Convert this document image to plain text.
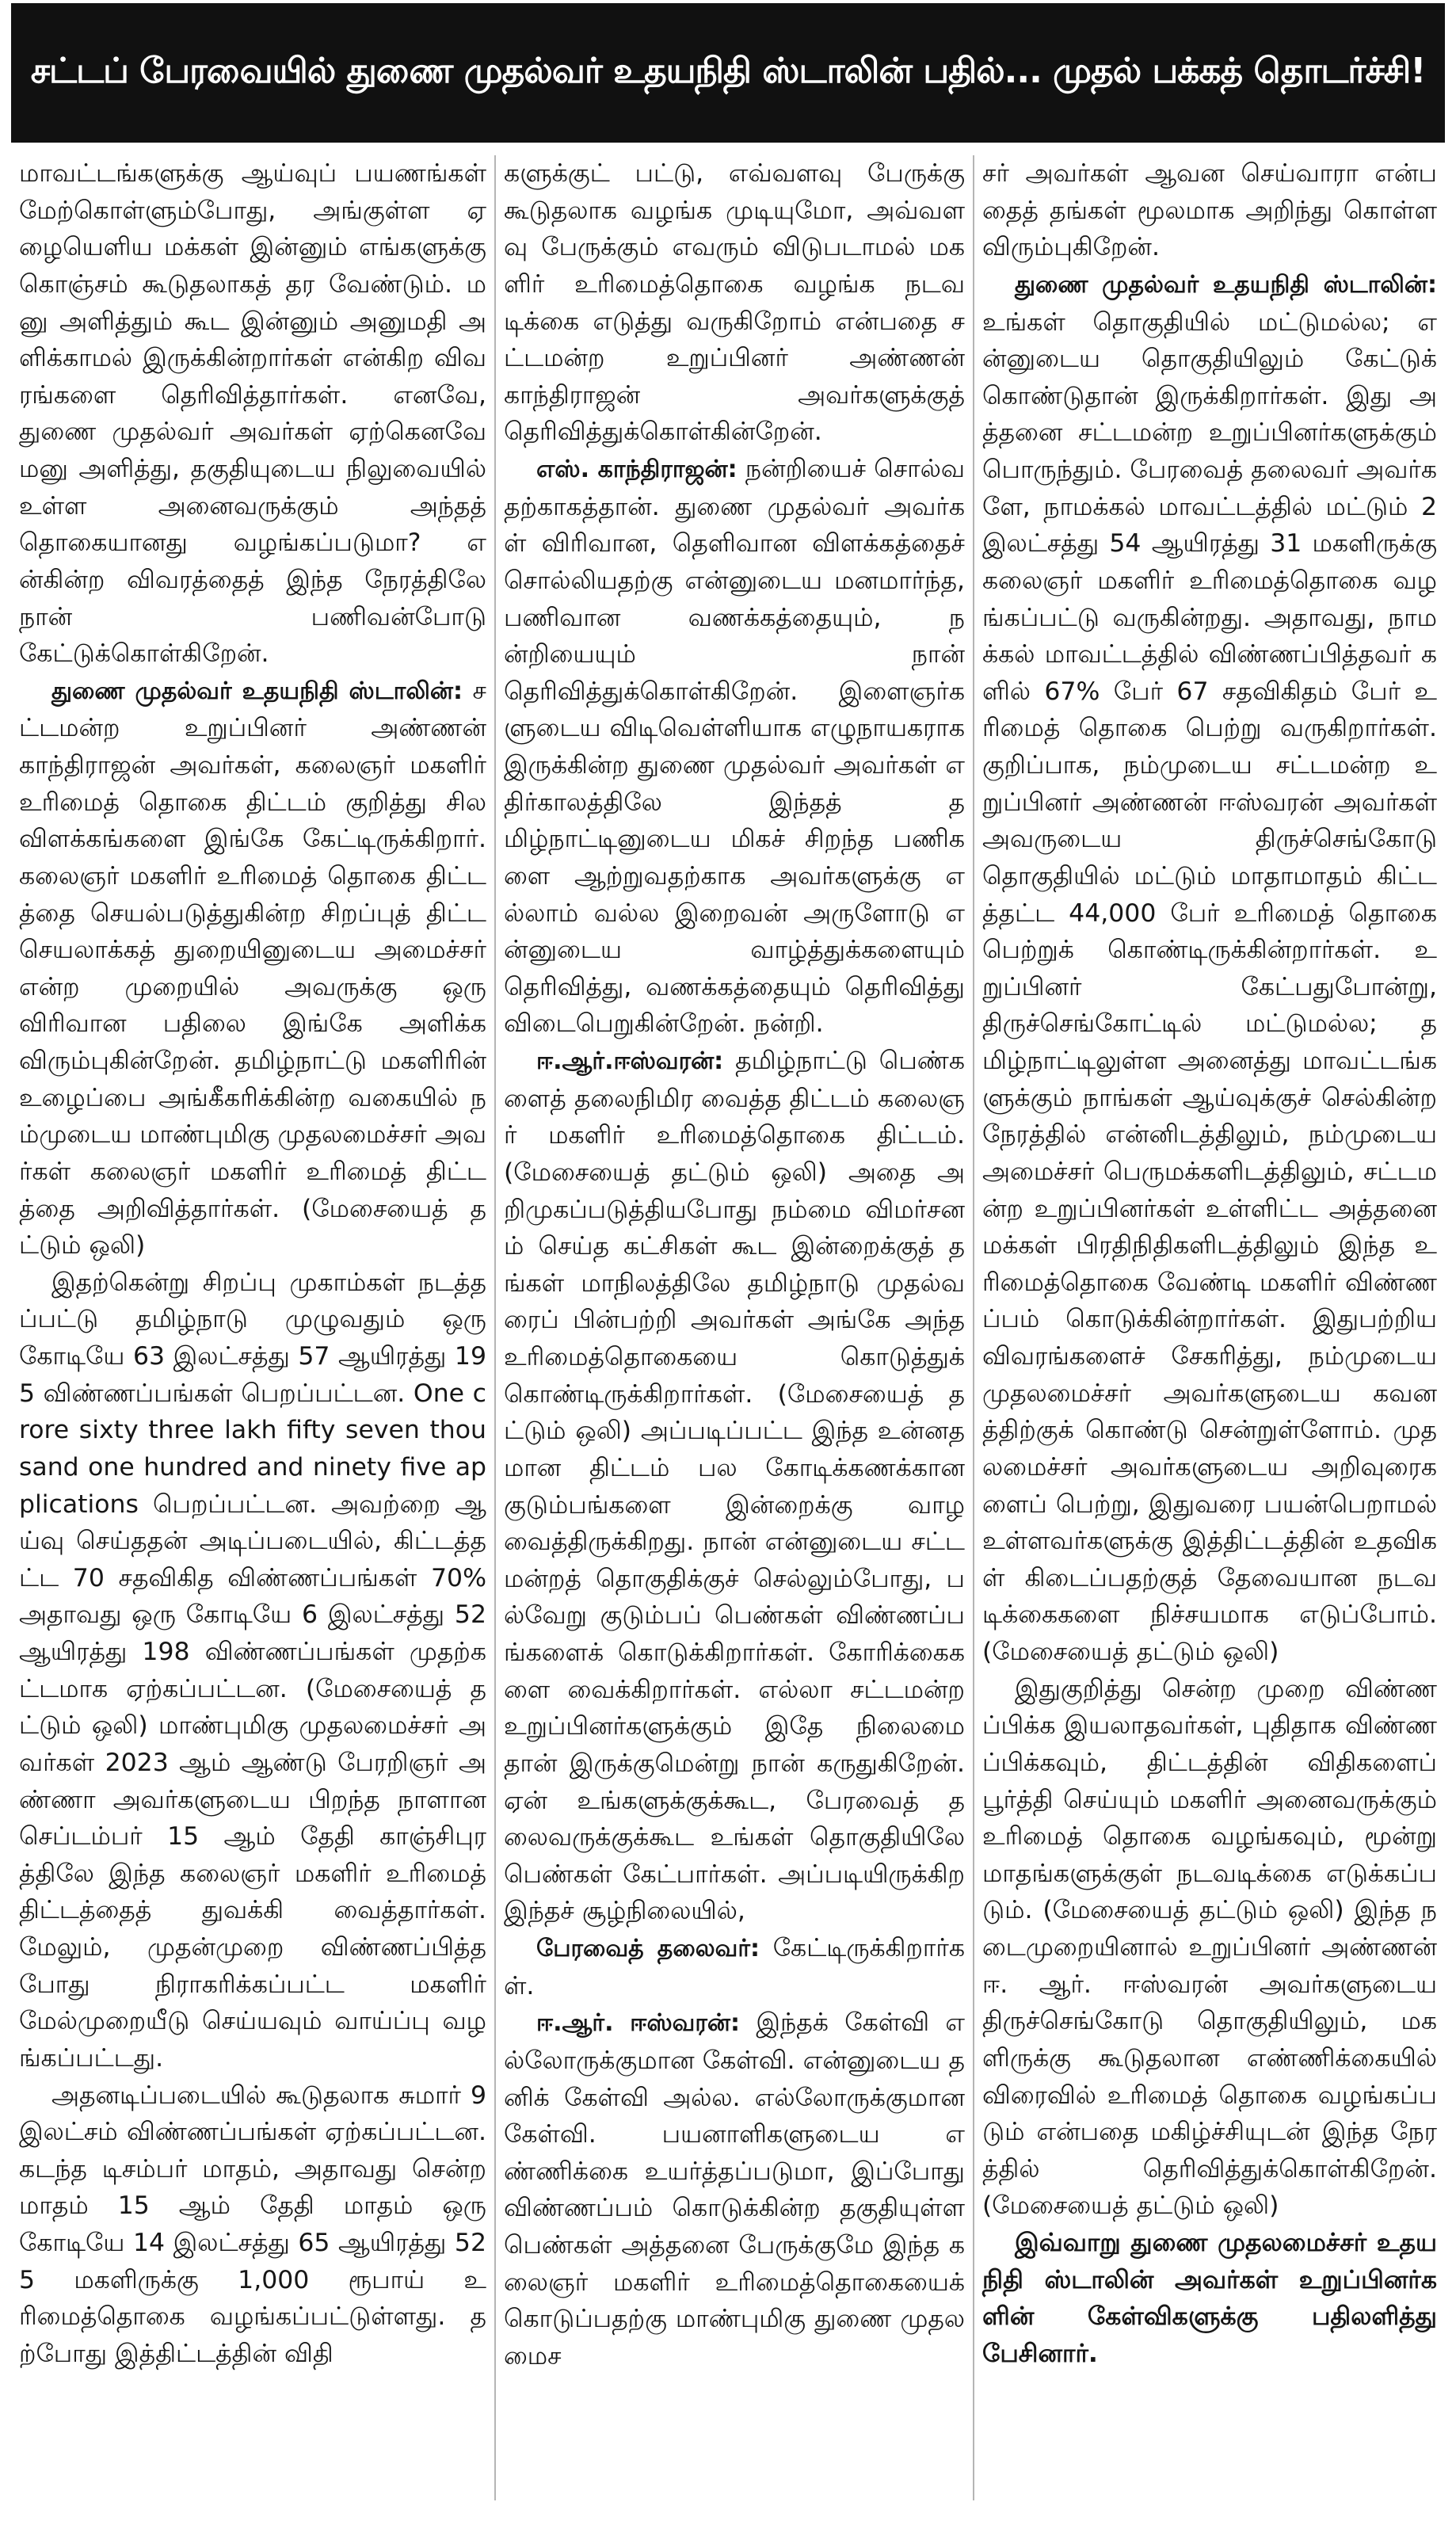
சட்டப் பேரவையில் துணை முதல்வர் உதயநிதி ஸ்டாலின் பதில்... முதல் பக்கத் தொடர்ச்சி!

மாவட்டங்களுக்கு ஆய்வுப் பயணங்கள் மேற்கொள்ளும்போது, அங்குள்ள ஏழையெளிய மக்கள் இன்னும் எங்களுக்கு கொஞ்சம் கூடுதலாகத் தர வேண்டும். மனு அளித்தும் கூட இன்னும் அனுமதி அளிக்காமல் இருக்கின்றார்கள் என்கிற விவரங்களை தெரிவித்தார்கள். எனவே, துணை முதல்வர் அவர்கள் ஏற்கெனவே மனு அளித்து, தகுதியுடைய நிலுவையில் உள்ள அனைவருக்கும் அந்தத் தொகையானது வழங்கப்படுமா? என்கின்ற விவரத்தைத் இந்த நேரத்திலே நான் பணிவன்போடு கேட்டுக்கொள்கிறேன்.

துணை முதல்வர் உதயநிதி ஸ்டாலின்: சட்டமன்ற உறுப்பினர் அண்ணன் காந்திராஜன் அவர்கள், கலைஞர் மகளிர் உரிமைத் தொகை திட்டம் குறித்து சில விளக்கங்களை இங்கே கேட்டிருக்கிறார். கலைஞர் மகளிர் உரிமைத் தொகை திட்டத்தை செயல்படுத்துகின்ற சிறப்புத் திட்ட செயலாக்கத் துறையினுடைய அமைச்சர் என்ற முறையில் அவருக்கு ஒரு விரிவான பதிலை இங்கே அளிக்க விரும்புகின்றேன். தமிழ்நாட்டு மகளிரின் உழைப்பை அங்கீகரிக்கின்ற வகையில் நம்முடைய மாண்புமிகு முதலமைச்சர் அவர்கள் கலைஞர் மகளிர் உரிமைத் திட்டத்தை அறிவித்தார்கள். (மேசையைத் தட்டும் ஒலி)

இதற்கென்று சிறப்பு முகாம்கள் நடத்தப்பட்டு தமிழ்நாடு முழுவதும் ஒரு கோடியே 63 இலட்சத்து 57 ஆயிரத்து 195 விண்ணப்பங்கள் பெறப்பட்டன. One crore sixty three lakh fifty seven thousand one hundred and ninety five applications பெறப்பட்டன. அவற்றை ஆய்வு செய்ததன் அடிப்படையில், கிட்டத்தட்ட 70 சதவிகித விண்ணப்பங்கள் 70% அதாவது ஒரு கோடியே 6 இலட்சத்து 52 ஆயிரத்து 198 விண்ணப்பங்கள் முதற்கட்டமாக ஏற்கப்பட்டன. (மேசையைத் தட்டும் ஒலி) மாண்புமிகு முதலமைச்சர் அவர்கள் 2023 ஆம் ஆண்டு பேரறிஞர் அண்ணா அவர்களுடைய பிறந்த நாளான செப்டம்பர் 15 ஆம் தேதி காஞ்சிபுரத்திலே இந்த கலைஞர் மகளிர் உரிமைத் திட்டத்தைத் துவக்கி வைத்தார்கள். மேலும், முதன்முறை விண்ணப்பித்தபோது நிராகரிக்கப்பட்ட மகளிர் மேல்முறையீடு செய்யவும் வாய்ப்பு வழங்கப்பட்டது.

அதனடிப்படையில் கூடுதலாக சுமார் 9 இலட்சம் விண்ணப்பங்கள் ஏற்கப்பட்டன. கடந்த டிசம்பர் மாதம், அதாவது சென்ற மாதம் 15 ஆம் தேதி மாதம் ஒரு கோடியே 14 இலட்சத்து 65 ஆயிரத்து 525 மகளிருக்கு 1,000 ரூபாய் உரிமைத்தொகை வழங்கப்பட்டுள்ளது. தற்போது இத்திட்டத்தின் விதி

களுக்குட் பட்டு, எவ்வளவு பேருக்கு கூடுதலாக வழங்க முடியுமோ, அவ்வளவு பேருக்கும் எவரும் விடுபடாமல் மகளிர் உரிமைத்தொகை வழங்க நடவடிக்கை எடுத்து வருகிறோம் என்பதை சட்டமன்ற உறுப்பினர் அண்ணன் காந்திராஜன் அவர்களுக்குத் தெரிவித்துக்கொள்கின்றேன்.

எஸ். காந்திராஜன்: நன்றியைச் சொல்வதற்காகத்தான். துணை முதல்வர் அவர்கள் விரிவான, தெளிவான விளக்கத்தைச் சொல்லியதற்கு என்னுடைய மனமார்ந்த, பணிவான வணக்கத்தையும், நன்றியையும் நான் தெரிவித்துக்கொள்கிறேன். இளைஞர்களுடைய விடிவெள்ளியாக எழுநாயகராக இருக்கின்ற துணை முதல்வர் அவர்கள் எதிர்காலத்திலே இந்தத் தமிழ்நாட்டினுடைய மிகச் சிறந்த பணிகளை ஆற்றுவதற்காக அவர்களுக்கு எல்லாம் வல்ல இறைவன் அருளோடு என்னுடைய வாழ்த்துக்களையும் தெரிவித்து, வணக்கத்தையும் தெரிவித்து விடைபெறுகின்றேன். நன்றி.

ஈ.ஆர்.ஈஸ்வரன்: தமிழ்நாட்டு பெண்களைத் தலைநிமிர வைத்த திட்டம் கலைஞர் மகளிர் உரிமைத்தொகை திட்டம். (மேசையைத் தட்டும் ஒலி) அதை அறிமுகப்படுத்தியபோது நம்மை விமர்சனம் செய்த கட்சிகள் கூட இன்றைக்குத் தங்கள் மாநிலத்திலே தமிழ்நாடு முதல்வரைப் பின்பற்றி அவர்கள் அங்கே அந்த உரிமைத்தொகையை கொடுத்துக் கொண்டிருக்கிறார்கள். (மேசையைத் தட்டும் ஒலி) அப்படிப்பட்ட இந்த உன்னதமான திட்டம் பல கோடிக்கணக்கான குடும்பங்களை இன்றைக்கு வாழ வைத்திருக்கிறது. நான் என்னுடைய சட்டமன்றத் தொகுதிக்குச் செல்லும்போது, பல்வேறு குடும்பப் பெண்கள் விண்ணப்பங்களைக் கொடுக்கிறார்கள். கோரிக்கைகளை வைக்கிறார்கள். எல்லா சட்டமன்ற உறுப்பினர்களுக்கும் இதே நிலைமை தான் இருக்குமென்று நான் கருதுகிறேன். ஏன் உங்களுக்குக்கூட, பேரவைத் தலைவருக்குக்கூட உங்கள் தொகுதியிலே பெண்கள் கேட்பார்கள். அப்படியிருக்கிற இந்தச் சூழ்நிலையில்,

பேரவைத் தலைவர்: கேட்டிருக்கிறார்கள்.

ஈ.ஆர். ஈஸ்வரன்: இந்தக் கேள்வி எல்லோருக்குமான கேள்வி. என்னுடைய தனிக் கேள்வி அல்ல. எல்லோருக்குமான கேள்வி. பயனாளிகளுடைய எண்ணிக்கை உயர்த்தப்படுமா, இப்போது விண்ணப்பம் கொடுக்கின்ற தகுதியுள்ள பெண்கள் அத்தனை பேருக்குமே இந்த கலைஞர் மகளிர் உரிமைத்தொகையைக் கொடுப்பதற்கு மாண்புமிகு துணை முதலமைச

சர் அவர்கள் ஆவன செய்வாரா என்பதைத் தங்கள் மூலமாக அறிந்து கொள்ள விரும்புகிறேன்.

துணை முதல்வர் உதயநிதி ஸ்டாலின்: உங்கள் தொகுதியில் மட்டுமல்ல; என்னுடைய தொகுதியிலும் கேட்டுக் கொண்டுதான் இருக்கிறார்கள். இது அத்தனை சட்டமன்ற உறுப்பினர்களுக்கும் பொருந்தும். பேரவைத் தலைவர் அவர்களே, நாமக்கல் மாவட்டத்தில் மட்டும் 2 இலட்சத்து 54 ஆயிரத்து 31 மகளிருக்கு கலைஞர் மகளிர் உரிமைத்தொகை வழங்கப்பட்டு வருகின்றது. அதாவது, நாமக்கல் மாவட்டத்தில் விண்ணப்பித்தவர் களில் 67% பேர் 67 சதவிகிதம் பேர் உரிமைத் தொகை பெற்று வருகிறார்கள். குறிப்பாக, நம்முடைய சட்டமன்ற உறுப்பினர் அண்ணன் ஈஸ்வரன் அவர்கள் அவருடைய திருச்செங்கோடு தொகுதியில் மட்டும் மாதாமாதம் கிட்டத்தட்ட 44,000 பேர் உரிமைத் தொகை பெற்றுக் கொண்டிருக்கின்றார்கள். உறுப்பினர் கேட்பதுபோன்று, திருச்செங்கோட்டில் மட்டுமல்ல; தமிழ்நாட்டிலுள்ள அனைத்து மாவட்டங்களுக்கும் நாங்கள் ஆய்வுக்குச் செல்கின்ற நேரத்தில் என்னிடத்திலும், நம்முடைய அமைச்சர் பெருமக்களிடத்திலும், சட்டமன்ற உறுப்பினர்கள் உள்ளிட்ட அத்தனை மக்கள் பிரதிநிதிகளிடத்திலும் இந்த உரிமைத்தொகை வேண்டி மகளிர் விண்ணப்பம் கொடுக்கின்றார்கள். இதுபற்றிய விவரங்களைச் சேகரித்து, நம்முடைய முதலமைச்சர் அவர்களுடைய கவனத்திற்குக் கொண்டு சென்றுள்ளோம். முதலமைச்சர் அவர்களுடைய அறிவுரைகளைப் பெற்று, இதுவரை பயன்பெறாமல் உள்ளவர்களுக்கு இத்திட்டத்தின் உதவிகள் கிடைப்பதற்குத் தேவையான நடவடிக்கைகளை நிச்சயமாக எடுப்போம். (மேசையைத் தட்டும் ஒலி)

இதுகுறித்து சென்ற முறை விண்ணப்பிக்க இயலாதவர்கள், புதிதாக விண்ணப்பிக்கவும், திட்டத்தின் விதிகளைப் பூர்த்தி செய்யும் மகளிர் அனைவருக்கும் உரிமைத் தொகை வழங்கவும், மூன்று மாதங்களுக்குள் நடவடிக்கை எடுக்கப்படும். (மேசையைத் தட்டும் ஒலி) இந்த நடைமுறையினால் உறுப்பினர் அண்ணன் ஈ. ஆர். ஈஸ்வரன் அவர்களுடைய திருச்செங்கோடு தொகுதியிலும், மகளிருக்கு கூடுதலான எண்ணிக்கையில் விரைவில் உரிமைத் தொகை வழங்கப்படும் என்பதை மகிழ்ச்சியுடன் இந்த நேரத்தில் தெரிவித்துக்கொள்கிறேன். (மேசையைத் தட்டும் ஒலி)

இவ்வாறு துணை முதலமைச்சர் உதயநிதி ஸ்டாலின் அவர்கள் உறுப்பினர்களின் கேள்விகளுக்கு பதிலளித்து பேசினார்.
